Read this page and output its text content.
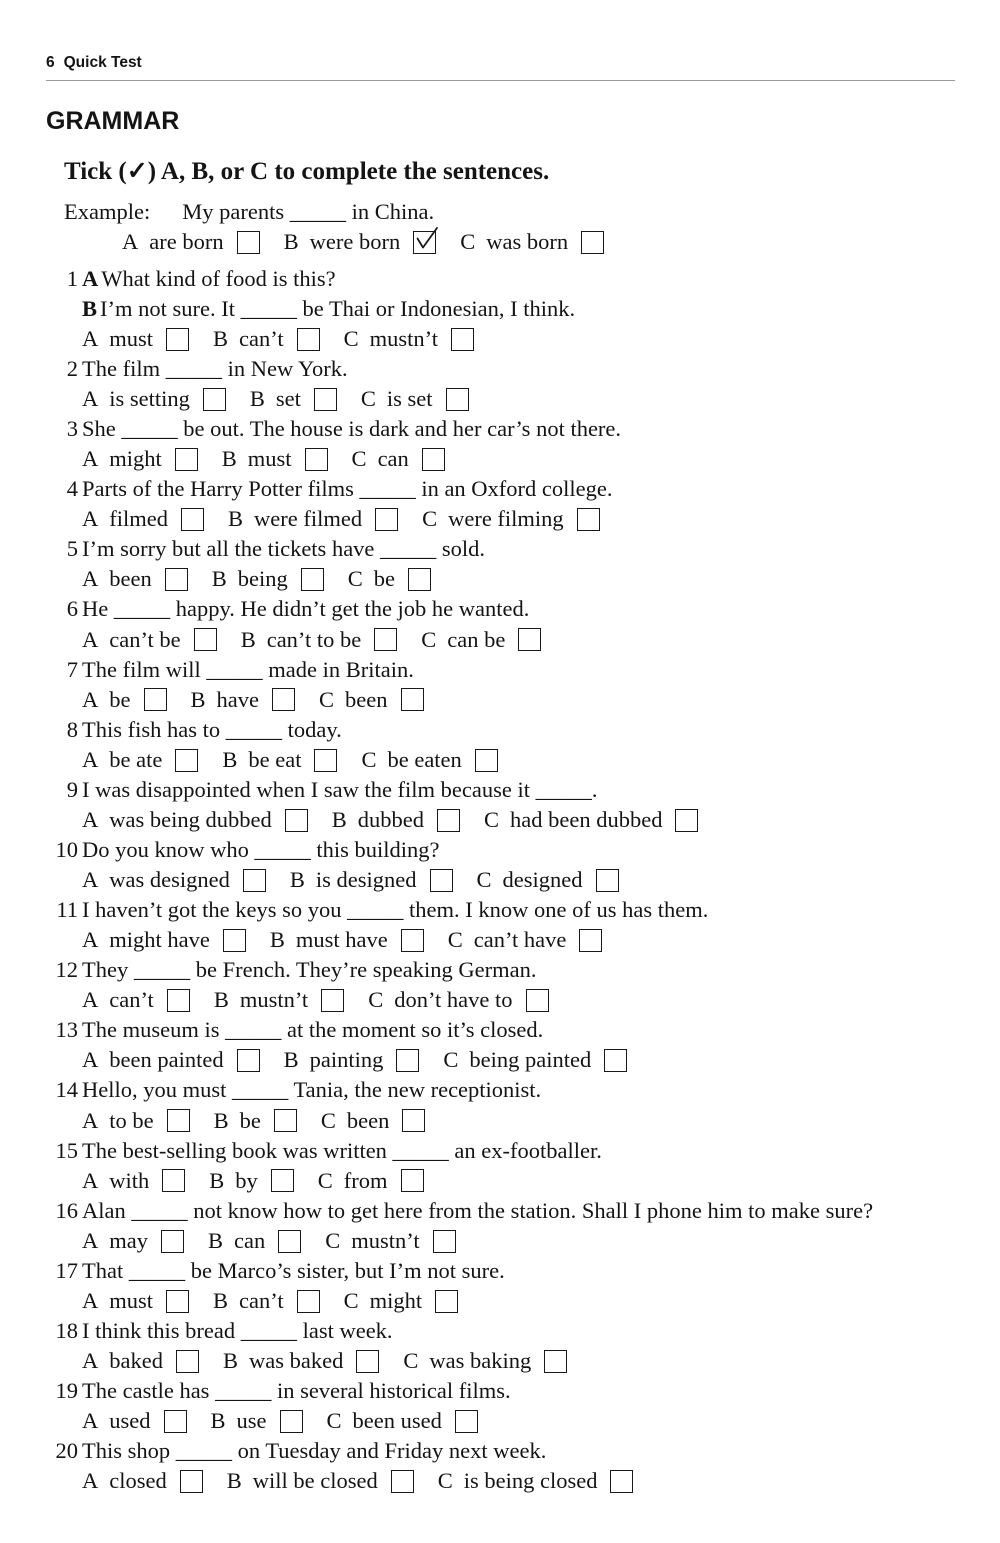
6 Quick Test
GRAMMAR
Tick (✓) A, B, or C to complete the sentences.
Example: My parents _____ in China.
A are born	B were born	C was born
1 A What kind of food is this?
B I’m not sure. It _____ be Thai or Indonesian, I think.
A must	B can’t	C mustn’t
2 The film _____ in New York.
A is setting	B set	C is set
3 She _____ be out. The house is dark and her car’s not there.
A might	B must	C can
4 Parts of the Harry Potter films _____ in an Oxford college.
A filmed	B were filmed	C were filming
5 I’m sorry but all the tickets have _____ sold.
A been	B being	C be
6 He _____ happy. He didn’t get the job he wanted.
A can’t be	B can’t to be	C can be
7 The film will _____ made in Britain.
A be	B have	C been
8 This fish has to _____ today.
A be ate	B be eat	C be eaten
9 I was disappointed when I saw the film because it _____.
A was being dubbed	B dubbed	C had been dubbed
10 Do you know who _____ this building?
A was designed	B is designed	C designed
11 I haven’t got the keys so you _____ them. I know one of us has them.
A might have	B must have	C can’t have
12 They _____ be French. They’re speaking German.
A can’t	B mustn’t	C don’t have to
13 The museum is _____ at the moment so it’s closed.
A been painted	B painting	C being painted
14 Hello, you must _____ Tania, the new receptionist.
A to be	B be	C been
15 The best-selling book was written _____ an ex-footballer.
A with	B by	C from
16 Alan _____ not know how to get here from the station. Shall I phone him to make sure?
A may	B can	C mustn’t
17 That _____ be Marco’s sister, but I’m not sure.
A must	B can’t	C might
18 I think this bread _____ last week.
A baked	B was baked	C was baking
19 The castle has _____ in several historical films.
A used	B use	C been used
20 This shop _____ on Tuesday and Friday next week.
A closed	B will be closed	C is being closed
